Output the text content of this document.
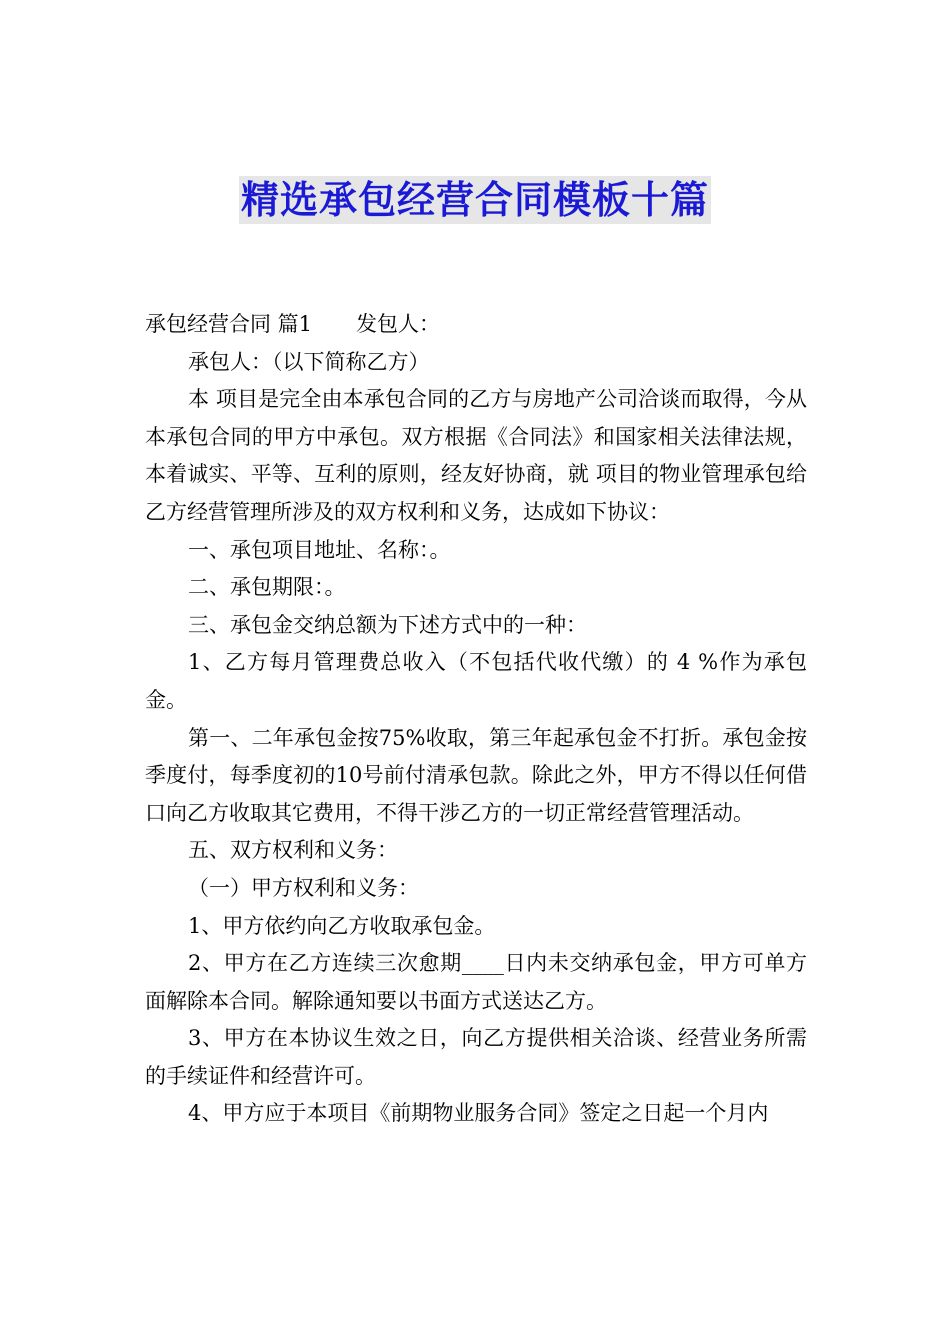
精选承包经营合同模板十篇

承包经营合同 篇1 发包人：

承包人：（以下简称乙方）

本 项目是完全由本承包合同的乙方与房地产公司洽谈而取得，今从本承包合同的甲方中承包。双方根据《合同法》和国家相关法律法规，本着诚实、平等、互利的原则，经友好协商，就 项目的物业管理承包给乙方经营管理所涉及的双方权利和义务，达成如下协议：

一、承包项目地址、名称：。

二、承包期限：。

三、承包金交纳总额为下述方式中的一种：

1、乙方每月管理费总收入（不包括代收代缴）的 4 %作为承包金。

第一、二年承包金按75%收取，第三年起承包金不打折。承包金按季度付，每季度初的10号前付清承包款。除此之外，甲方不得以任何借口向乙方收取其它费用，不得干涉乙方的一切正常经营管理活动。

五、双方权利和义务：

（一）甲方权利和义务：

1、甲方依约向乙方收取承包金。

2、甲方在乙方连续三次愈期____日内未交纳承包金，甲方可单方面解除本合同。解除通知要以书面方式送达乙方。

3、甲方在本协议生效之日，向乙方提供相关洽谈、经营业务所需的手续证件和经营许可。

4、甲方应于本项目《前期物业服务合同》签定之日起一个月内
